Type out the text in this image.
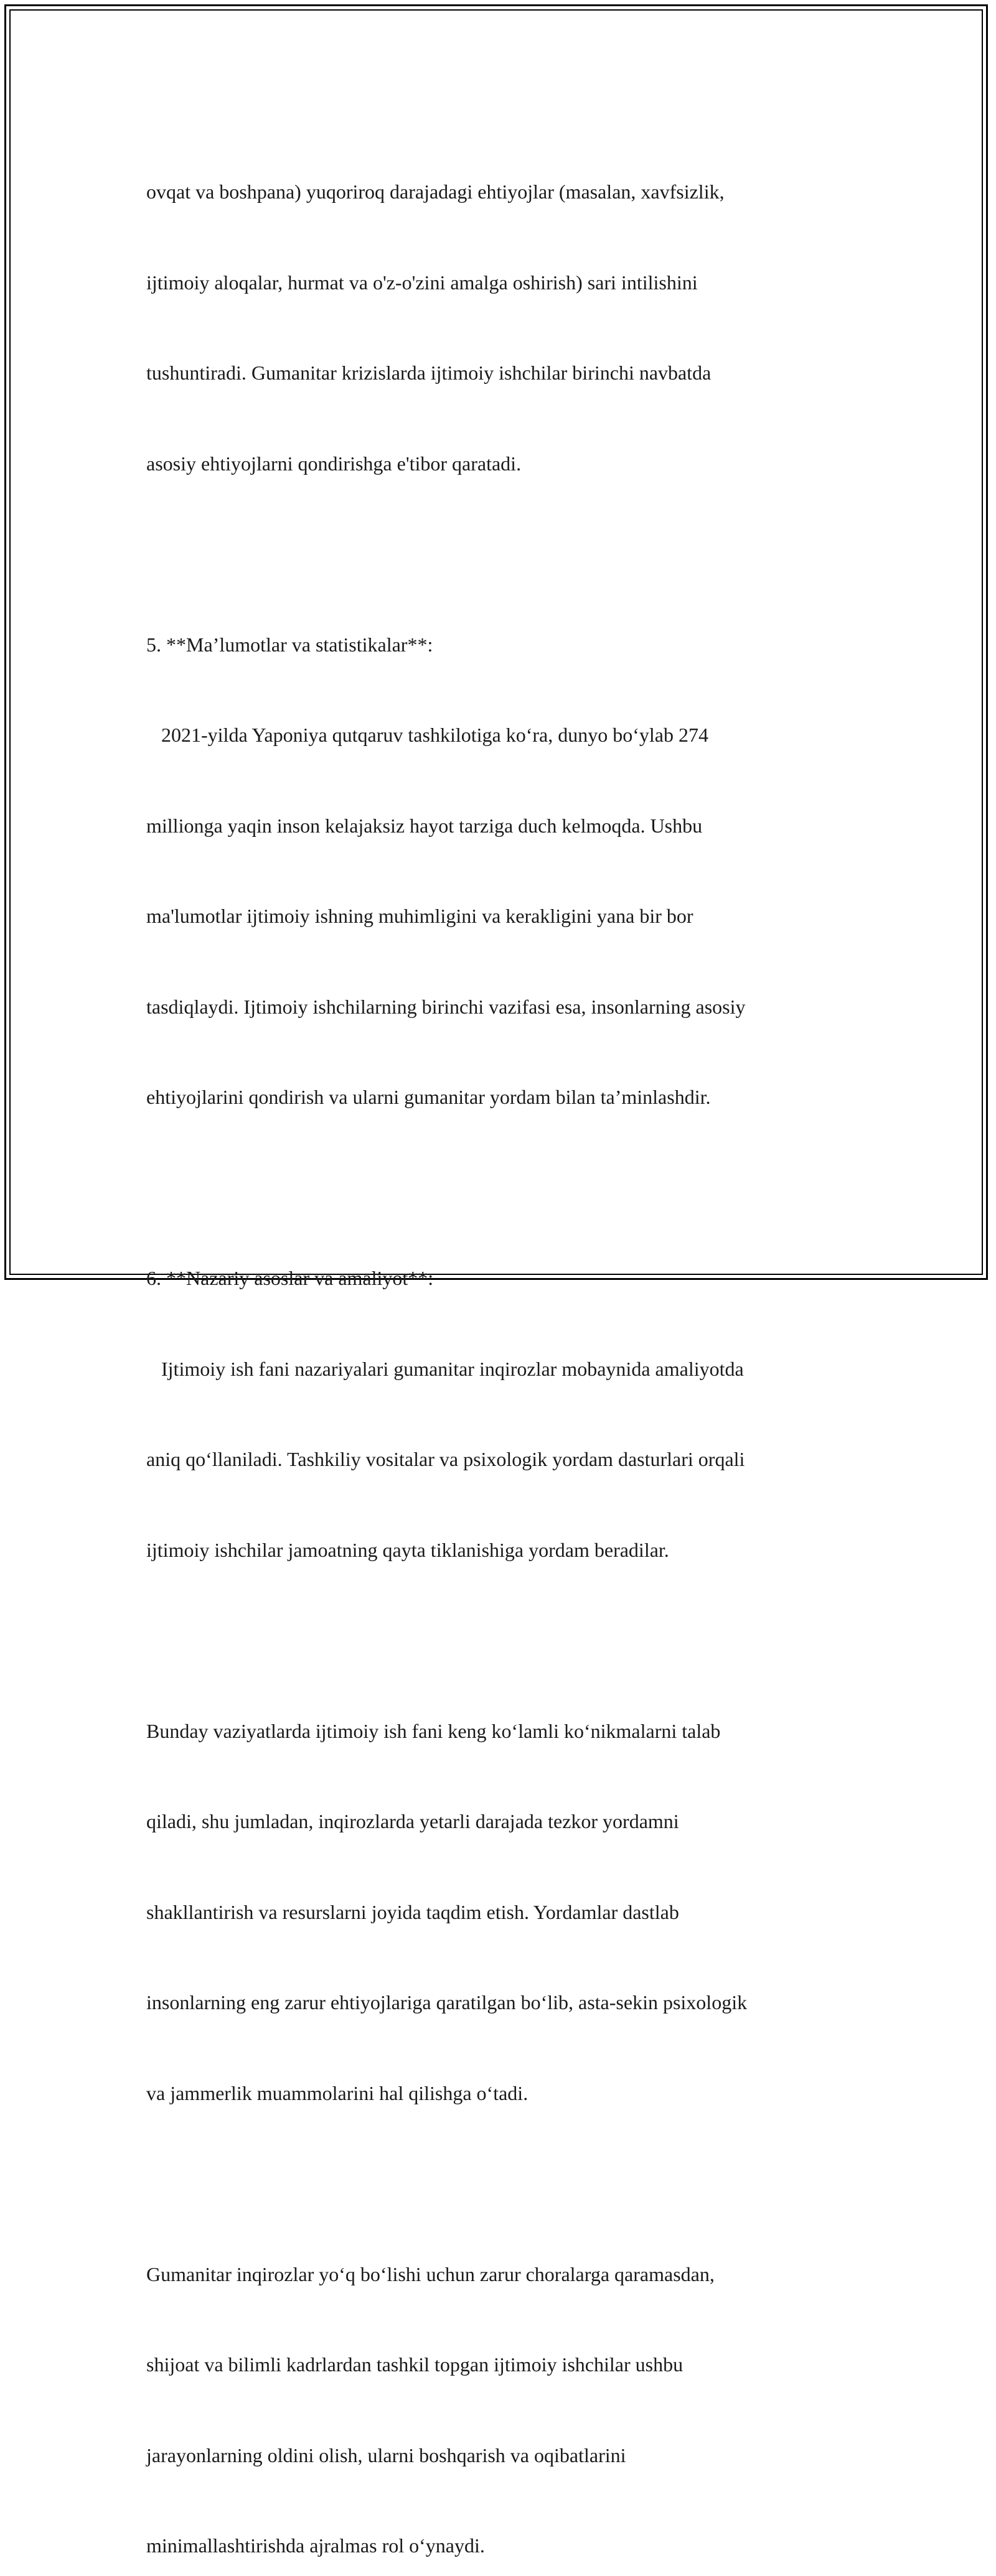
ovqat va boshpana) yuqoriroq darajadagi ehtiyojlar (masalan, xavfsizlik,

ijtimoiy aloqalar, hurmat va o'z-o'zini amalga oshirish) sari intilishini

tushuntiradi. Gumanitar krizislarda ijtimoiy ishchilar birinchi navbatda

asosiy ehtiyojlarni qondirishga e'tibor qaratadi.

5. **Ma’lumotlar va statistikalar**:

2021-yilda Yaponiya qutqaruv tashkilotiga koʻra, dunyo boʻylab 274

millionga yaqin inson kelajaksiz hayot tarziga duch kelmoqda. Ushbu

ma'lumotlar ijtimoiy ishning muhimligini va kerakligini yana bir bor

tasdiqlaydi. Ijtimoiy ishchilarning birinchi vazifasi esa, insonlarning asosiy

ehtiyojlarini qondirish va ularni gumanitar yordam bilan ta’minlashdir.

6. **Nazariy asoslar va amaliyot**:

Ijtimoiy ish fani nazariyalari gumanitar inqirozlar mobaynida amaliyotda

aniq qoʻllaniladi. Tashkiliy vositalar va psixologik yordam dasturlari orqali

ijtimoiy ishchilar jamoatning qayta tiklanishiga yordam beradilar.

Bunday vaziyatlarda ijtimoiy ish fani keng koʻlamli koʻnikmalarni talab

qiladi, shu jumladan, inqirozlarda yetarli darajada tezkor yordamni

shakllantirish va resurslarni joyida taqdim etish. Yordamlar dastlab

insonlarning eng zarur ehtiyojlariga qaratilgan boʻlib, asta-sekin psixologik

va jammerlik muammolarini hal qilishga oʻtadi.

Gumanitar inqirozlar yoʻq boʻlishi uchun zarur choralarga qaramasdan,

shijoat va bilimli kadrlardan tashkil topgan ijtimoiy ishchilar ushbu

jarayonlarning oldini olish, ularni boshqarish va oqibatlarini

minimallashtirishda ajralmas rol oʻynaydi.
